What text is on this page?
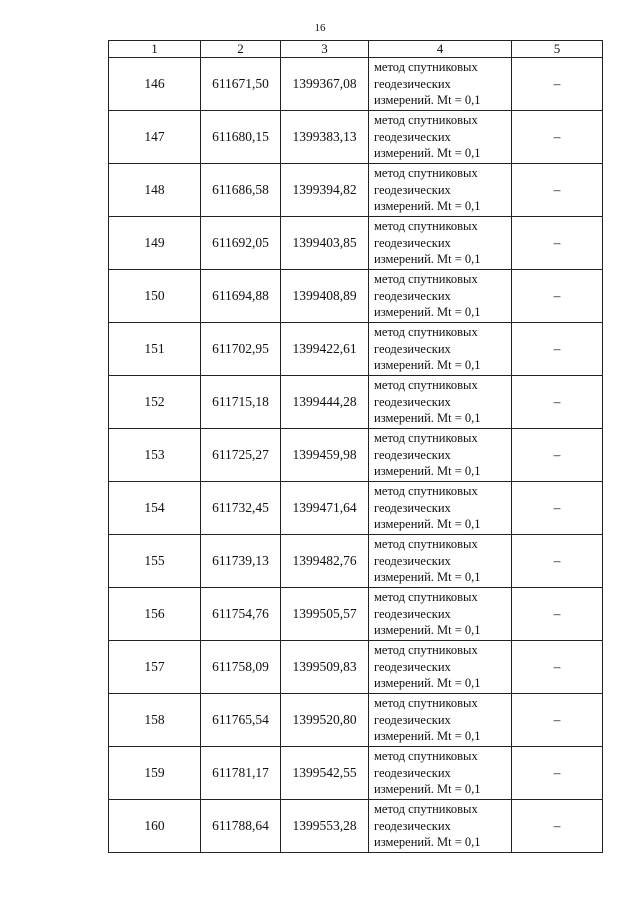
16
1	2	3	4	5
146	611671,50	1399367,08	метод спутниковых
геодезических
измерений. Mt = 0,1	–
147	611680,15	1399383,13	метод спутниковых
геодезических
измерений. Mt = 0,1	–
148	611686,58	1399394,82	метод спутниковых
геодезических
измерений. Mt = 0,1	–
149	611692,05	1399403,85	метод спутниковых
геодезических
измерений. Mt = 0,1	–
150	611694,88	1399408,89	метод спутниковых
геодезических
измерений. Mt = 0,1	–
151	611702,95	1399422,61	метод спутниковых
геодезических
измерений. Mt = 0,1	–
152	611715,18	1399444,28	метод спутниковых
геодезических
измерений. Mt = 0,1	–
153	611725,27	1399459,98	метод спутниковых
геодезических
измерений. Mt = 0,1	–
154	611732,45	1399471,64	метод спутниковых
геодезических
измерений. Mt = 0,1	–
155	611739,13	1399482,76	метод спутниковых
геодезических
измерений. Mt = 0,1	–
156	611754,76	1399505,57	метод спутниковых
геодезических
измерений. Mt = 0,1	–
157	611758,09	1399509,83	метод спутниковых
геодезических
измерений. Mt = 0,1	–
158	611765,54	1399520,80	метод спутниковых
геодезических
измерений. Mt = 0,1	–
159	611781,17	1399542,55	метод спутниковых
геодезических
измерений. Mt = 0,1	–
160	611788,64	1399553,28	метод спутниковых
геодезических
измерений. Mt = 0,1	–
